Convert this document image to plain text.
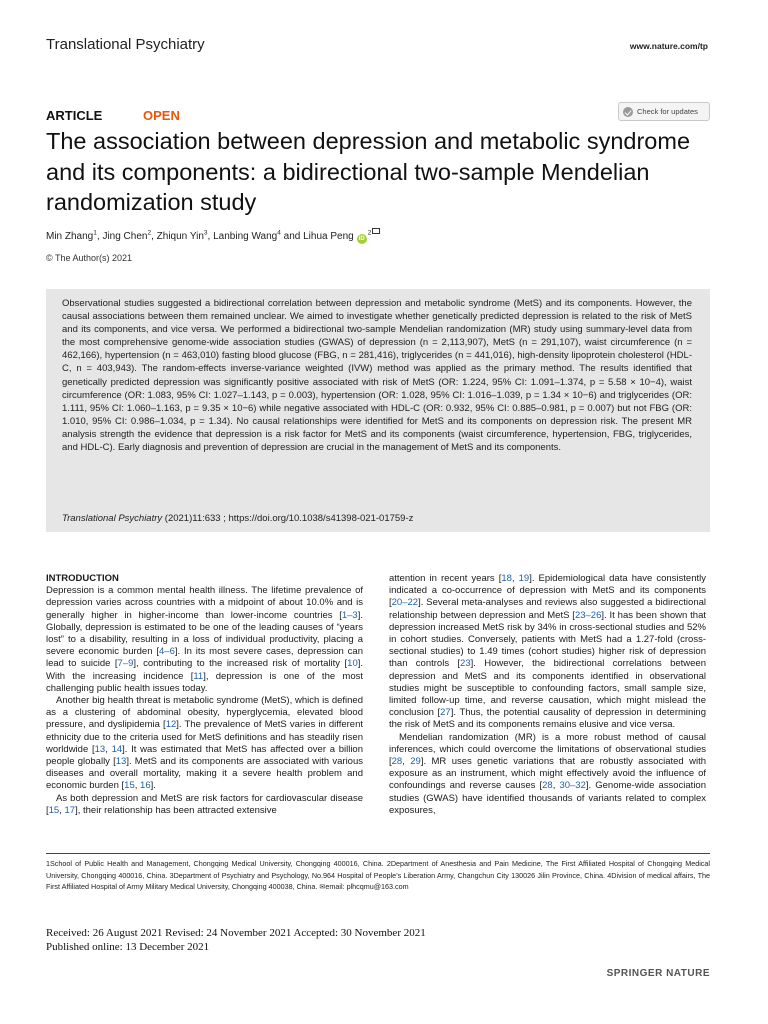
Translational Psychiatry	www.nature.com/tp
ARTICLE	OPEN	Check for updates
The association between depression and metabolic syndrome and its components: a bidirectional two-sample Mendelian randomization study
Min Zhang$^1$, Jing Chen$^2$, Zhiqun Yin$^3$, Lanbing Wang$^4$ and Lihua Peng $iD^2$
© The Author(s) 2021

Observational studies suggested a bidirectional correlation between depression and metabolic syndrome (MetS) and its components. However, the causal associations between them remained unclear. We aimed to investigate whether genetically predicted depression is related to the risk of MetS and its components, and vice versa. We performed a bidirectional two-sample Mendelian randomization (MR) study using summary-level data from the most comprehensive genome-wide association studies (GWAS) of depression (n = 2,113,907), MetS (n = 291,107), waist circumference (n = 462,166), hypertension (n = 463,010) fasting blood glucose (FBG, n = 281,416), triglycerides (n = 441,016), high-density lipoprotein cholesterol (HDL-C, n = 403,943). The random-effects inverse-variance weighted (IVW) method was applied as the primary method. The results identified that genetically predicted depression was significantly positive associated with risk of MetS (OR: 1.224, 95% CI: 1.091–1.374, p = 5.58 × 10−4), waist circumference (OR: 1.083, 95% CI: 1.027–1.143, p = 0.003), hypertension (OR: 1.028, 95% CI: 1.016–1.039, p = 1.34 × 10−6) and triglycerides (OR: 1.111, 95% CI: 1.060–1.163, p = 9.35 × 10−6) while negative associated with HDL-C (OR: 0.932, 95% CI: 0.885–0.981, p = 0.007) but not FBG (OR: 1.010, 95% CI: 0.986–1.034, p = 1.34). No causal relationships were identified for MetS and its components on depression risk. The present MR analysis strength the evidence that depression is a risk factor for MetS and its components (waist circumference, hypertension, FBG, triglycerides, and HDL-C). Early diagnosis and prevention of depression are crucial in the management of MetS and its components.

Translational Psychiatry (2021)11:633 ; https://doi.org/10.1038/s41398-021-01759-z
INTRODUCTION

Depression is a common mental health illness. The lifetime prevalence of depression varies across countries with a midpoint of about 10.0% and is generally higher in higher-income than lower-income countries [1–3]. Globally, depression is estimated to be one of the leading causes of “years lost” to a disability, resulting in a loss of individual productivity, placing a severe economic burden [4–6]. In its most severe cases, depression can lead to suicide [7–9], contributing to the increased risk of mortality [10]. With the increasing incidence [11], depression is one of the most challenging public health issues today.

Another big health threat is metabolic syndrome (MetS), which is defined as a clustering of abdominal obesity, hyperglycemia, elevated blood pressure, and dyslipidemia [12]. The prevalence of MetS varies in different ethnicity due to the criteria used for MetS definitions and has steadily risen worldwide [13, 14]. It was estimated that MetS has affected over a billion people globally [13]. MetS and its components are associated with various diseases and overall mortality, making it a severe health problem and economic burden [15, 16].

As both depression and MetS are risk factors for cardiovascular disease [15, 17], their relationship has been attracted extensive

attention in recent years [18, 19]. Epidemiological data have consistently indicated a co-occurrence of depression with MetS and its components [20–22]. Several meta-analyses and reviews also suggested a bidirectional relationship between depression and MetS [23–26]. It has been shown that depression increased MetS risk by 34% in cross-sectional studies and 52% in cohort studies. Conversely, patients with MetS had a 1.27-fold (cross-sectional studies) to 1.49 times (cohort studies) higher risk of depression than controls [23]. However, the bidirectional correlations between depression and MetS and its components identified in observational studies might be susceptible to confounding factors, small sample size, limited follow-up time, and reverse causation, which might mislead the conclusion [27]. Thus, the potential causality of depression in determining the risk of MetS and its components remains elusive and vice versa.

Mendelian randomization (MR) is a more robust method of causal inferences, which could overcome the limitations of observational studies [28, 29]. MR uses genetic variations that are robustly associated with exposure as an instrument, which might effectively avoid the influence of confoundings and reverse causes [28, 30–32]. Genome-wide association studies (GWAS) have identified thousands of variants related to complex exposures,

1School of Public Health and Management, Chongqing Medical University, Chongqing 400016, China. 2Department of Anesthesia and Pain Medicine, The First Affiliated Hospital of Chongqing Medical University, Chongqing 400016, China. 3Department of Psychiatry and Psychology, No.964 Hospital of People’s Liberation Army, Changchun City 130026 Jilin Province, China. 4Division of medical affairs, The First Affiliated Hospital of Army Military Medical University, Chongqing 400038, China. ✉email: plhcqmu@163.com
Received: 26 August 2021 Revised: 24 November 2021 Accepted: 30 November 2021
Published online: 13 December 2021
SPRINGER NATURE
